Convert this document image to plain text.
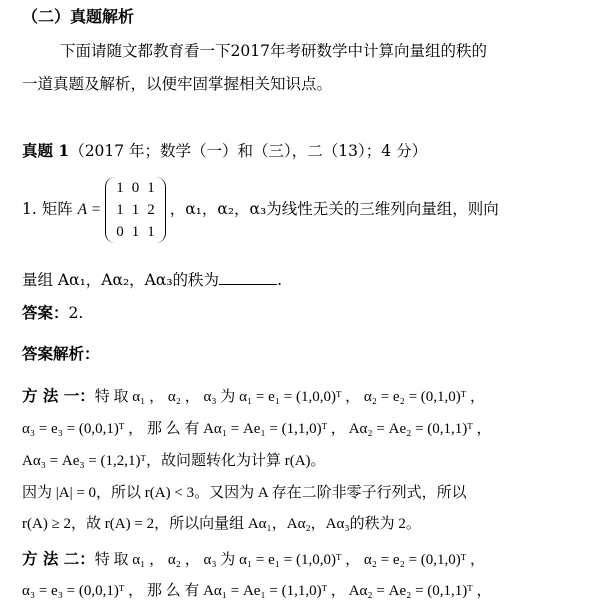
（二）真题解析
下面请随文都教育看一下2017年考研数学中计算向量组的秩的
一道真题及解析，以便牢固掌握相关知识点。
真题 1（2017 年；数学（一）和（三），二（13）；4 分）
1. 矩阵 A =
1	0	1
1	1	2
0	1	1
，α₁，α₂，α₃为线性无关的三维列向量组，则向
量组 Aα₁，Aα₂，Aα₃的秩为	.
答案：2.
答案解析：
方 法 一：特 取 α₁ ， α₂ ， α₃ 为 α₁ = e₁ = (1,0,0)ᵀ ， α₂ = e₂ = (0,1,0)ᵀ ，
α₃ = e₃ = (0,0,1)ᵀ ， 那 么 有 Aα₁ = Ae₁ = (1,1,0)ᵀ ， Aα₂ = Ae₂ = (0,1,1)ᵀ ，
Aα₃ = Ae₃ = (1,2,1)ᵀ，故问题转化为计算 r(A)。
因为 |A| = 0，所以 r(A) < 3。又因为 A 存在二阶非零子行列式，所以
r(A) ≥ 2，故 r(A) = 2，所以向量组 Aα₁，Aα₂，Aα₃的秩为 2。
方 法 二：特 取 α₁ ， α₂ ， α₃ 为 α₁ = e₁ = (1,0,0)ᵀ ， α₂ = e₂ = (0,1,0)ᵀ ，
α₃ = e₃ = (0,0,1)ᵀ ， 那 么 有 Aα₁ = Ae₁ = (1,1,0)ᵀ ， Aα₂ = Ae₂ = (0,1,1)ᵀ ，
